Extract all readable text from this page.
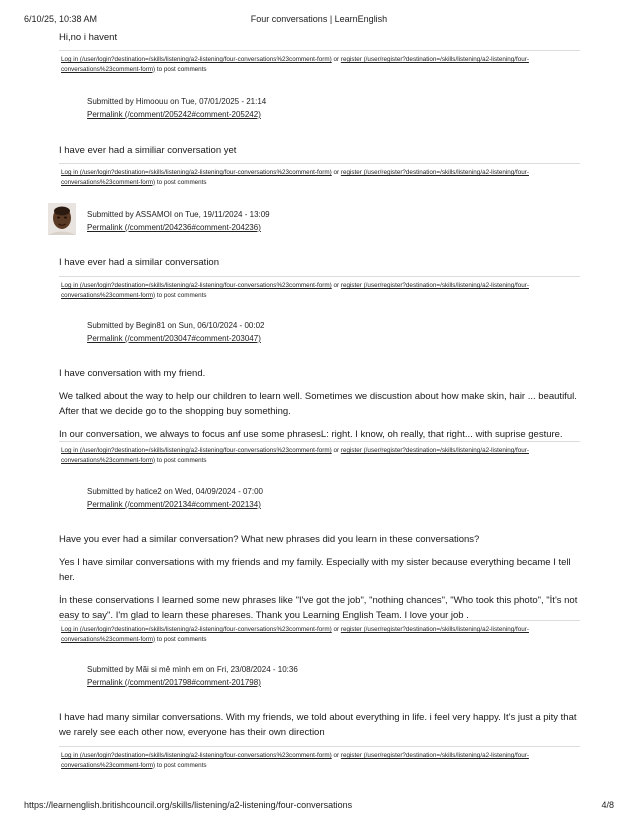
6/10/25, 10:38 AM	Four conversations | LearnEnglish

Hi,no i havent

Log in (/user/login?destination=/skills/listening/a2-listening/four-conversations%23comment-form) or register (/user/register?destination=/skills/listening/a2-listening/four-
conversations%23comment-form) to post comments
Submitted by Himoouu on Tue, 07/01/2025 - 21:14
Permalink (/comment/205242#comment-205242)

I have ever had a similiar conversation yet

Log in (/user/login?destination=/skills/listening/a2-listening/four-conversations%23comment-form) or register (/user/register?destination=/skills/listening/a2-listening/four-
conversations%23comment-form) to post comments
Submitted by ASSAMOI on Tue, 19/11/2024 - 13:09
Permalink (/comment/204236#comment-204236)

I have ever had a similar conversation

Log in (/user/login?destination=/skills/listening/a2-listening/four-conversations%23comment-form) or register (/user/register?destination=/skills/listening/a2-listening/four-
conversations%23comment-form) to post comments
Submitted by Begin81 on Sun, 06/10/2024 - 00:02
Permalink (/comment/203047#comment-203047)

I have conversation with my friend.

We talked about the way to help our children to learn well. Sometimes we discustion about how make skin, hair ... beautiful. After that we decide go to the shopping buy something.

In our conversation, we always to focus anf use some phrasesL: right. I know, oh really, that right... with suprise gesture.

Log in (/user/login?destination=/skills/listening/a2-listening/four-conversations%23comment-form) or register (/user/register?destination=/skills/listening/a2-listening/four-
conversations%23comment-form) to post comments
Submitted by hatice2 on Wed, 04/09/2024 - 07:00
Permalink (/comment/202134#comment-202134)

Have you ever had a similar conversation? What new phrases did you learn in these conversations?

Yes I have similar conversations with my friends and my family. Especially with my sister because everything became I tell her.

İn these conservations I learned some new phrases like "I've got the job", "nothing chances", "Who took this photo", "İt's not easy to say". I'm glad to learn these phareses. Thank you Learning English Team. I love your job .

Log in (/user/login?destination=/skills/listening/a2-listening/four-conversations%23comment-form) or register (/user/register?destination=/skills/listening/a2-listening/four-
conversations%23comment-form) to post comments
Submitted by Mãi si mê mình em on Fri, 23/08/2024 - 10:36
Permalink (/comment/201798#comment-201798)

I have had many similar conversations. With my friends, we told about everything in life. i feel very happy. It's just a pity that we rarely see each other now, everyone has their own direction

Log in (/user/login?destination=/skills/listening/a2-listening/four-conversations%23comment-form) or register (/user/register?destination=/skills/listening/a2-listening/four-
conversations%23comment-form) to post comments
https://learnenglish.britishcouncil.org/skills/listening/a2-listening/four-conversations	4/8
